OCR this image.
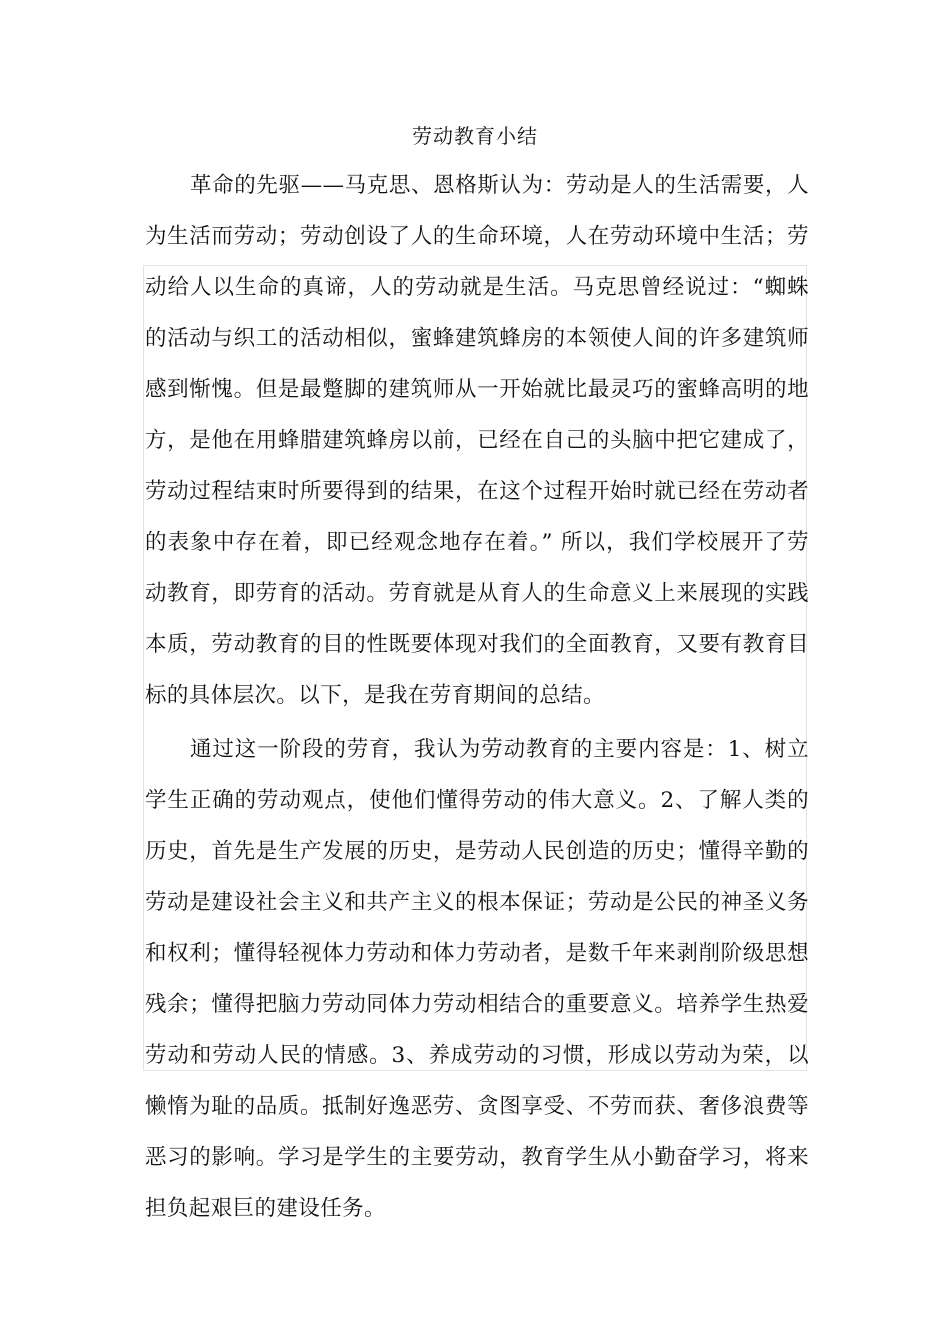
劳动教育小结

革命的先驱——马克思、恩格斯认为：劳动是人的生活需要，人为生活而劳动；劳动创设了人的生命环境，人在劳动环境中生活；劳动给人以生命的真谛，人的劳动就是生活。马克思曾经说过：“蜘蛛的活动与织工的活动相似，蜜蜂建筑蜂房的本领使人间的许多建筑师感到惭愧。但是最蹩脚的建筑师从一开始就比最灵巧的蜜蜂高明的地方，是他在用蜂腊建筑蜂房以前，已经在自己的头脑中把它建成了，劳动过程结束时所要得到的结果，在这个过程开始时就已经在劳动者的表象中存在着，即已经观念地存在着。” 所以，我们学校展开了劳动教育，即劳育的活动。劳育就是从育人的生命意义上来展现的实践本质，劳动教育的目的性既要体现对我们的全面教育，又要有教育目标的具体层次。以下，是我在劳育期间的总结。

通过这一阶段的劳育，我认为劳动教育的主要内容是：1、树立学生正确的劳动观点，使他们懂得劳动的伟大意义。2、了解人类的历史，首先是生产发展的历史，是劳动人民创造的历史；懂得辛勤的劳动是建设社会主义和共产主义的根本保证；劳动是公民的神圣义务和权利；懂得轻视体力劳动和体力劳动者，是数千年来剥削阶级思想残余；懂得把脑力劳动同体力劳动相结合的重要意义。培养学生热爱劳动和劳动人民的情感。3、养成劳动的习惯，形成以劳动为荣，以懒惰为耻的品质。抵制好逸恶劳、贪图享受、不劳而获、奢侈浪费等恶习的影响。学习是学生的主要劳动，教育学生从小勤奋学习，将来担负起艰巨的建设任务。
